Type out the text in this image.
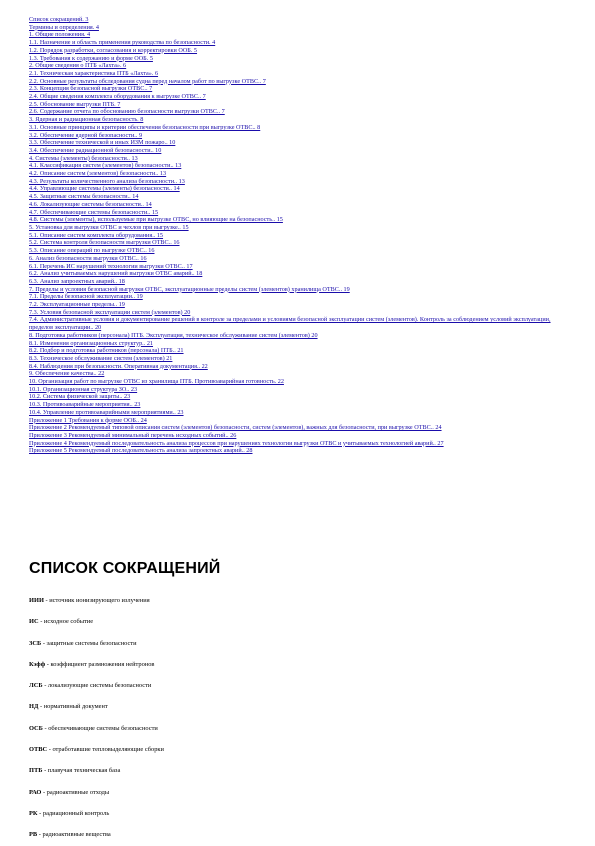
Список сокращений. 3
Термины и определения. 4
1. Общие положения. 4
1.1. Назначение и область применения руководства по безопасности. 4
1.2. Порядок разработки, согласования и корректировки ООБ. 5
1.3. Требования к содержанию и форме ООБ. 5
2. Общие сведения о ПТБ «Лахта». 6
2.1. Техническая характеристика ПТБ «Лахта». 6
2.2. Основные результаты обследования судна перед началом работ по выгрузке ОТВС.. 7
2.3. Концепция безопасной выгрузки ОТВС.. 7
2.4. Общие сведения комплекта оборудования к выгрузке ОТВС.. 7
2.5. Обоснование выгрузки ПТБ. 7
2.6. Содержание отчета по обоснованию безопасности выгрузки ОТВС.. 7
3. Ядерная и радиационная безопасность. 8
3.1. Основные принципы и критерии обеспечения безопасности при выгрузке ОТВС.. 8
3.2. Обеспечение ядерной безопасности.. 9
3.3. Обеспечение технической и иных ИЗМ пожаро.. 10
3.4. Обеспечение радиационной безопасности.. 10
4. Системы (элементы) безопасности.. 13
4.1. Классификация систем (элементов) безопасности.. 13
4.2. Описание систем (элементов) безопасности.. 13
4.3. Результаты количественного анализа безопасности.. 13
4.4. Управляющие системы (элементы) безопасности.. 14
4.5. Защитные системы безопасности.. 14
4.6. Локализующие системы безопасности.. 14
4.7. Обеспечивающие системы безопасности.. 15
4.8. Системы (элементы), используемые при выгрузке ОТВС, но влияющие на безопасность.. 15
5. Установка для выгрузки ОТВС и чехлов при выгрузке.. 15
5.1. Описание систем комплекта оборудования.. 15
5.2. Система контроля безопасности выгрузки ОТВС.. 16
5.3. Описание операций по выгрузке ОТВС.. 16
6. Анализ безопасности выгрузки ОТВС.. 16
6.1. Перечень ИС нарушений технологии выгрузки ОТВС.. 17
6.2. Анализ учитываемых нарушений выгрузки ОТВС аварий.. 18
6.3. Анализ запроектных аварий.. 18
7. Пределы и условия безопасной выгрузки ОТВС, эксплуатационные пределы систем (элементов) хранилища ОТВС.. 19
7.1. Пределы безопасной эксплуатации.. 19
7.2. Эксплуатационные пределы.. 19
7.3. Условия безопасной эксплуатации систем (элементов) 20
7.4. Административные условия и документирование решений в контроле за пределами и условиями безопасной эксплуатации систем (элементов). Контроль за соблюдением условий эксплуатации, пределов эксплуатации.. 20
8. Подготовка работников (персонала) ПТБ. Эксплуатация, техническое обслуживание систем (элементов) 20
8.1. Изменения организационных структур.. 21
8.2. Подбор и подготовка работников (персонала) ПТБ.. 21
8.3. Техническое обслуживание систем (элементов) 21
8.4. Наблюдения при безопасности. Оперативная документация.. 22
9. Обеспечение качества.. 22
10. Организация работ по выгрузке ОТВС из хранилища ПТБ. Противоаварийная готовность. 22
10.1. Организационная структура ЗО.. 23
10.2. Система физической защиты.. 23
10.3. Противоаварийные мероприятия.. 23
10.4. Управление противоаварийными мероприятиями.. 23
Приложение 1 Требования к форме ООБ.. 24
Приложение 2 Рекомендуемый типовой описания систем (элементов) безопасности, систем (элементов), важных для безопасности, при выгрузке ОТВС.. 24
Приложение 3 Рекомендуемый минимальный перечень исходных событий.. 26
Приложение 4 Рекомендуемый последовательность анализа процессов при нарушениях технологии выгрузки ОТВС и учитываемых технологией аварий.. 27
Приложение 5 Рекомендуемый последовательность анализа запроектных аварий.. 28
СПИСОК СОКРАЩЕНИЙ
ИИИ - источник ионизирующего излучения
ИС - исходное событие
ЗСБ - защитные системы безопасности
Кэфф - коэффициент размножения нейтронов
ЛСБ - локализующие системы безопасности
НД - нормативный документ
ОСБ - обеспечивающие системы безопасности
ОТВС - отработавшие тепловыделяющие сборки
ПТБ - плавучая техническая база
РАО - радиоактивные отходы
РК - радиационный контроль
РВ - радиоактивные вещества
